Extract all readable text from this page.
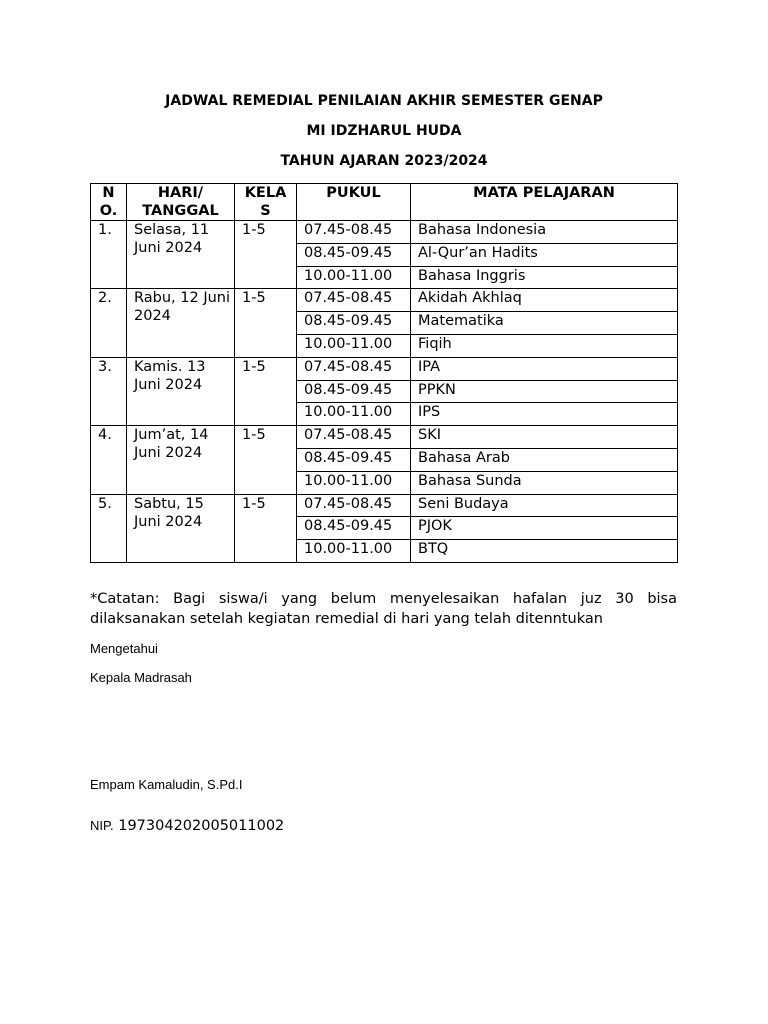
JADWAL REMEDIAL PENILAIAN AKHIR SEMESTER GENAP
MI IDZHARUL HUDA
TAHUN AJARAN 2023/2024
N O.	HARI/ TANGGAL	KELA S	PUKUL	MATA PELAJARAN
1.	Selasa, 11 Juni 2024	1-5	07.45-08.45	Bahasa Indonesia
			08.45-09.45	Al-Qur’an Hadits
			10.00-11.00	Bahasa Inggris
2.	Rabu, 12 Juni 2024	1-5	07.45-08.45	Akidah Akhlaq
			08.45-09.45	Matematika
			10.00-11.00	Fiqih
3.	Kamis. 13 Juni 2024	1-5	07.45-08.45	IPA
			08.45-09.45	PPKN
			10.00-11.00	IPS
4.	Jum’at, 14 Juni 2024	1-5	07.45-08.45	SKI
			08.45-09.45	Bahasa Arab
			10.00-11.00	Bahasa Sunda
5.	Sabtu, 15 Juni 2024	1-5	07.45-08.45	Seni Budaya
			08.45-09.45	PJOK
			10.00-11.00	BTQ
*Catatan: Bagi siswa/i yang belum menyelesaikan hafalan juz 30 bisa dilaksanakan setelah kegiatan remedial di hari yang telah ditenntukan
Mengetahui
Kepala Madrasah
Empam Kamaludin, S.Pd.I
NIP. 197304202005011002
